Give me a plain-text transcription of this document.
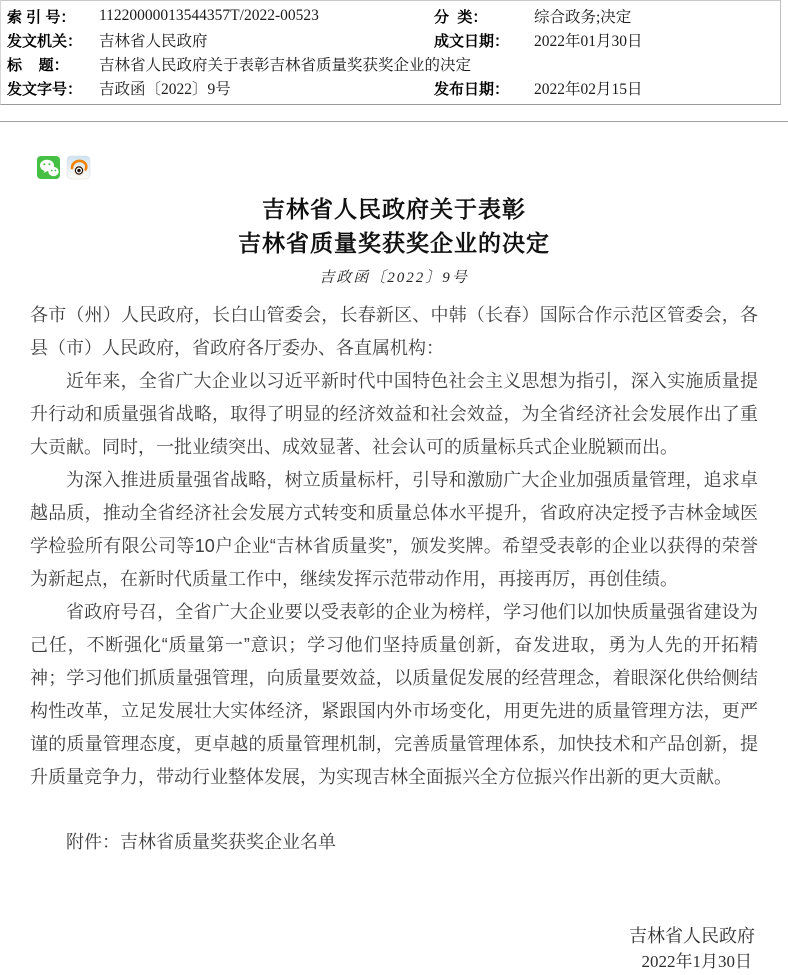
索 引 号：	11220000013544357T/2022-00523	分  类：	综合政务;决定
发文机关：	吉林省人民政府	成文日期：	2022年01月30日
标    题：	吉林省人民政府关于表彰吉林省质量奖获奖企业的决定
发文字号：	吉政函〔2022〕9号	发布日期：	2022年02月15日
吉林省人民政府关于表彰
吉林省质量奖获奖企业的决定
吉政函〔2022〕9号

各市（州）人民政府，长白山管委会，长春新区、中韩（长春）国际合作示范区管委会，各县（市）人民政府，省政府各厅委办、各直属机构：

近年来，全省广大企业以习近平新时代中国特色社会主义思想为指引，深入实施质量提升行动和质量强省战略，取得了明显的经济效益和社会效益，为全省经济社会发展作出了重大贡献。同时，一批业绩突出、成效显著、社会认可的质量标兵式企业脱颖而出。

为深入推进质量强省战略，树立质量标杆，引导和激励广大企业加强质量管理，追求卓越品质，推动全省经济社会发展方式转变和质量总体水平提升，省政府决定授予吉林金域医学检验所有限公司等10户企业“吉林省质量奖”，颁发奖牌。希望受表彰的企业以获得的荣誉为新起点，在新时代质量工作中，继续发挥示范带动作用，再接再厉，再创佳绩。

省政府号召，全省广大企业要以受表彰的企业为榜样，学习他们以加快质量强省建设为己任，不断强化“质量第一”意识；学习他们坚持质量创新，奋发进取，勇为人先的开拓精神；学习他们抓质量强管理，向质量要效益，以质量促发展的经营理念，着眼深化供给侧结构性改革，立足发展壮大实体经济，紧跟国内外市场变化，用更先进的质量管理方法，更严谨的质量管理态度，更卓越的质量管理机制，完善质量管理体系，加快技术和产品创新，提升质量竞争力，带动行业整体发展，为实现吉林全面振兴全方位振兴作出新的更大贡献。

附件：吉林省质量奖获奖企业名单

吉林省人民政府
2022年1月30日
